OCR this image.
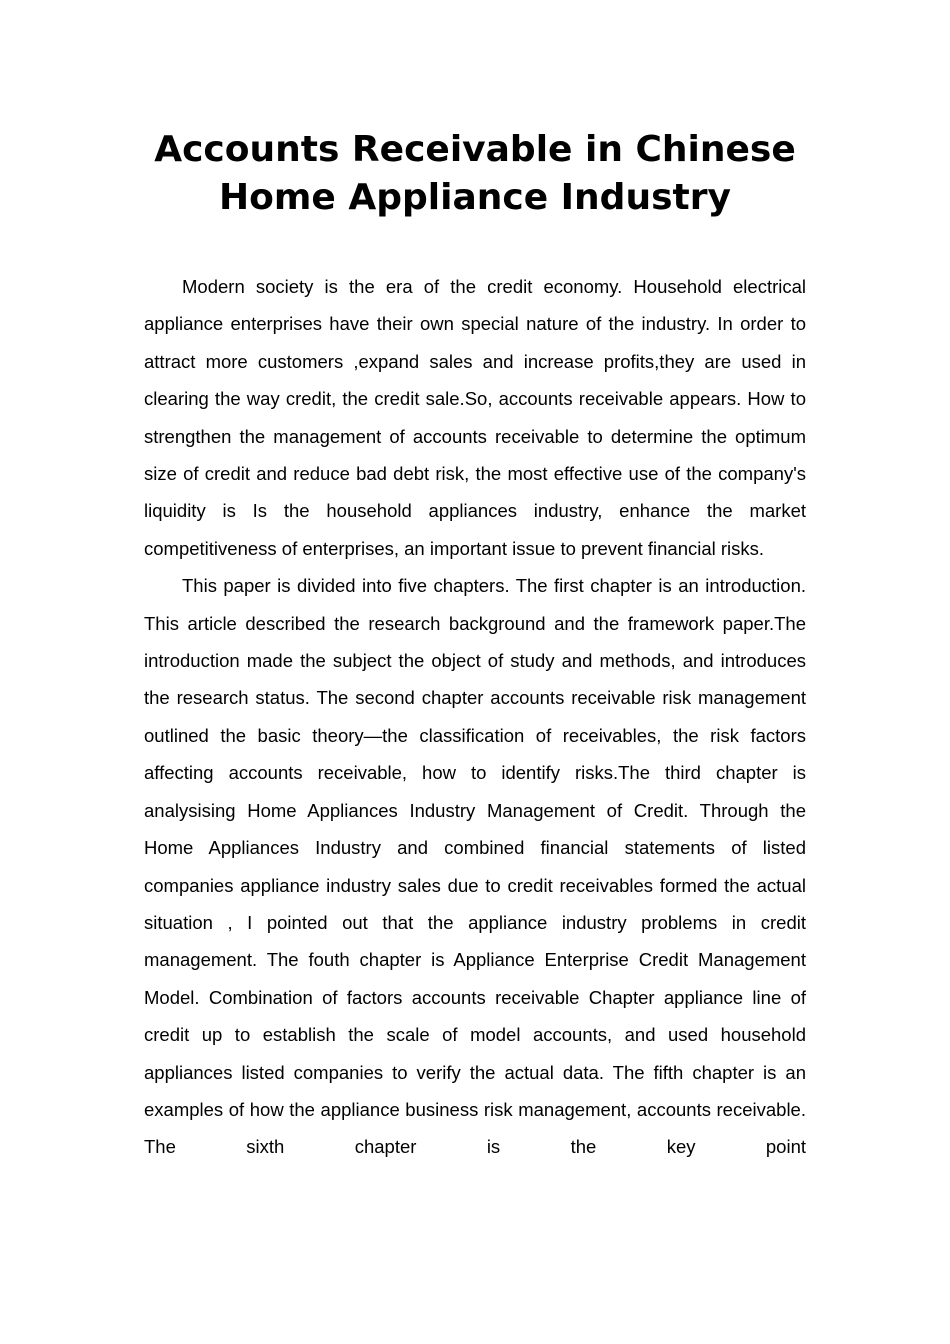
Accounts Receivable in Chinese
Home Appliance Industry

Modern society is the era of the credit economy. Household electrical appliance enterprises have their own special nature of the industry. In order to attract more customers ,expand sales and increase profits,they are used in clearing the way credit, the credit sale.So, accounts receivable appears. How to strengthen the management of accounts receivable to determine the optimum size of credit and reduce bad debt risk, the most effective use of the company's liquidity is Is the household appliances industry, enhance the market competitiveness of enterprises, an important issue to prevent financial risks.

This paper is divided into five chapters. The first chapter is an introduction. This article described the research background and the framework paper.The introduction made the subject the object of study and methods, and introduces the research status. The second chapter accounts receivable risk management outlined the basic theory—the classification of receivables, the risk factors affecting accounts receivable, how to identify risks.The third chapter is analysising Home Appliances Industry Management of Credit. Through the Home Appliances Industry and combined financial statements of listed companies appliance industry sales due to credit receivables formed the actual situation , I pointed out that the appliance industry problems in credit management. The fouth chapter is Appliance Enterprise Credit Management Model. Combination of factors accounts receivable Chapter appliance line of credit up to establish the scale of model accounts, and used household appliances listed companies to verify the actual data. The fifth chapter is an examples of how the appliance business risk management, accounts receivable. The sixth chapter is the key point
